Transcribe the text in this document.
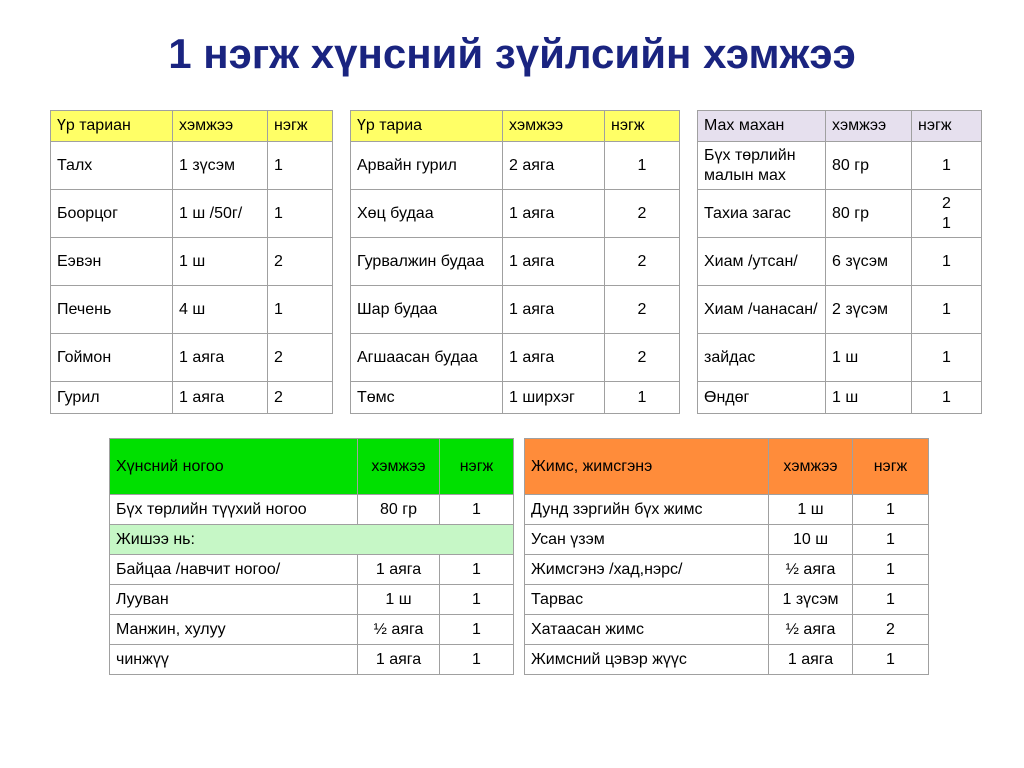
1 нэгж хүнсний зүйлсийн хэмжээ
Үр тариан	хэмжээ	нэгж		Үр тариа	хэмжээ	нэгж		Мах махан	хэмжээ	нэгж
Талх	1 зүсэм	1		Арвайн гурил	2 аяга	1		Бүх төрлийн малын мах	80 гр	1
Боорцог	1 ш /50г/	1		Хөц будаа	1 аяга	2		Тахиа загас	80 гр	2 1
Еэвэн	1 ш	2		Гурвалжин будаа	1 аяга	2		Хиам /утсан/	6 зүсэм	1
Печень	4 ш	1		Шар будаа	1 аяга	2		Хиам /чанасан/	2 зүсэм	1
Гоймон	1 аяга	2		Агшаасан будаа	1 аяга	2		зайдас	1 ш	1
Гурил	1 аяга	2		Төмс	1 ширхэг	1		Өндөг	1 ш	1
Хүнсний ногоо	хэмжээ	нэгж
Бүх төрлийн түүхий ногоо	80 гр	1
Жишээ нь:		
Байцаа /навчит ногоо/	1 аяга	1
Лууван	1 ш	1
Манжин, хулуу	½ аяга	1
чинжүү	1 аяга	1
Жимс, жимсгэнэ	хэмжээ	нэгж
Дунд зэргийн бүх жимс	1 ш	1
Усан үзэм	10 ш	1
Жимсгэнэ /хад,нэрс/	½ аяга	1
Тарвас	1 зүсэм	1
Хатаасан жимс	½ аяга	2
Жимсний цэвэр жүүс	1 аяга	1
